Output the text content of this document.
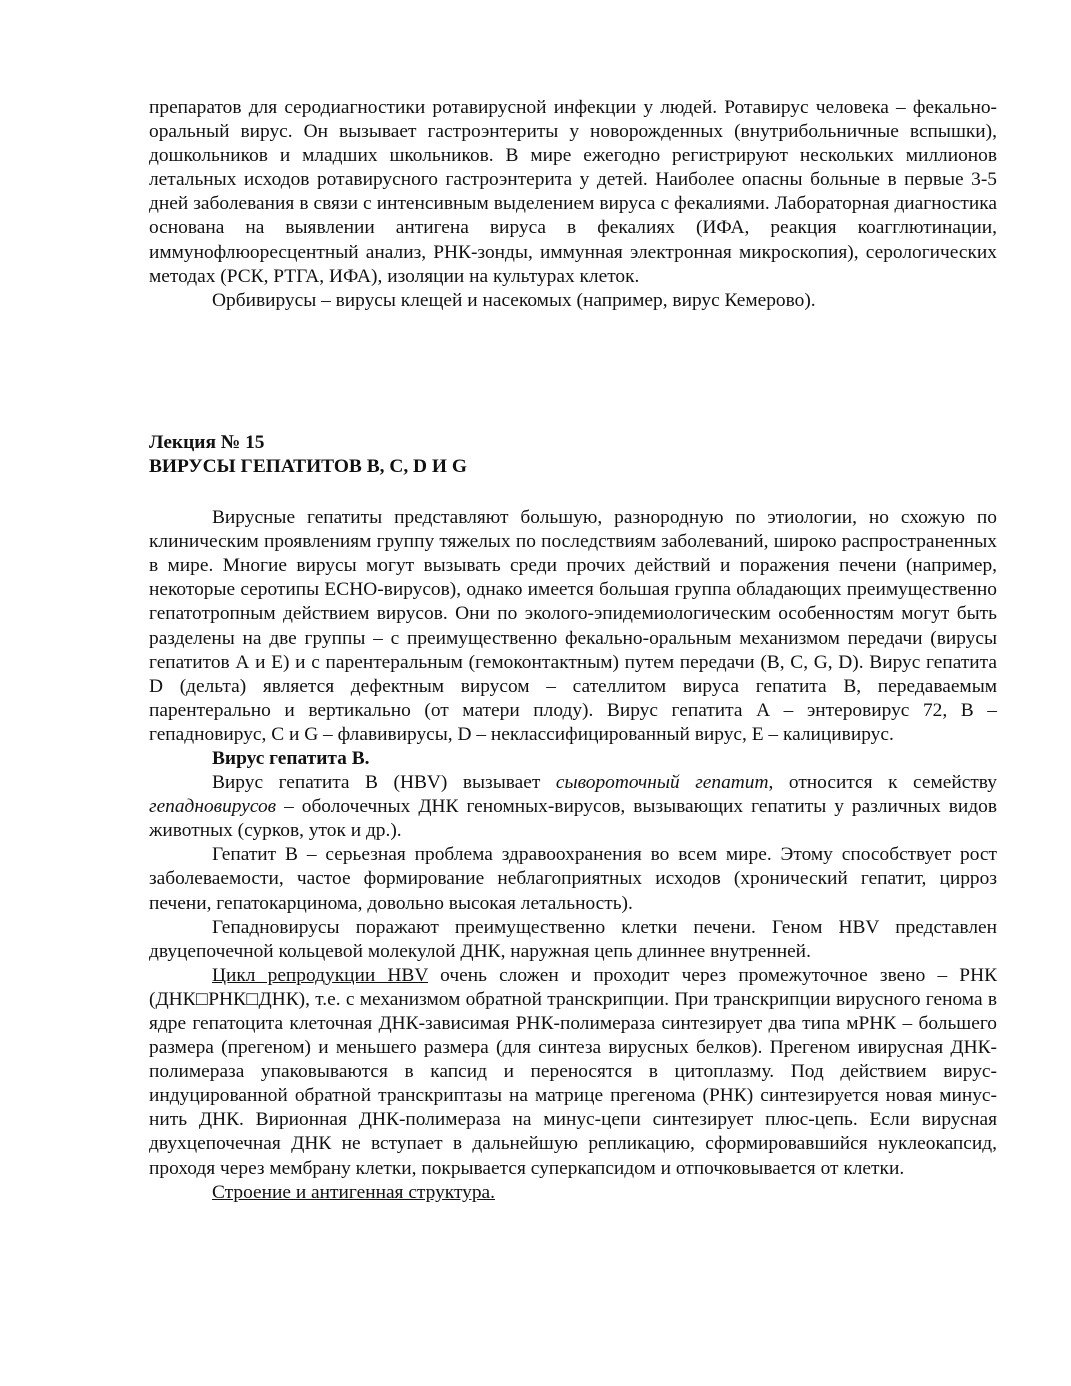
препаратов для серодиагностики ротавирусной инфекции у людей. Ротавирус человека – фекально-оральный вирус. Он вызывает гастроэнтериты у новорожденных (внутрибольничные вспышки), дошкольников и младших школьников. В мире ежегодно регистрируют нескольких миллионов летальных исходов ротавирусного гастроэнтерита у детей. Наиболее опасны больные в первые 3-5 дней заболевания в связи с интенсивным выделением вируса с фекалиями. Лабораторная диагностика основана на выявлении антигена вируса в фекалиях (ИФА, реакция коагглютинации, иммунофлюоресцентный анализ, РНК-зонды, иммунная электронная микроскопия), серологических методах (РСК, РТГА, ИФА), изоляции на культурах клеток.

Орбивирусы – вирусы клещей и насекомых (например, вирус Кемерово).

Лекция № 15

ВИРУСЫ ГЕПАТИТОВ В, С, D И G

Вирусные гепатиты представляют большую, разнородную по этиологии, но схожую по клиническим проявлениям группу тяжелых по последствиям заболеваний, широко распространенных в мире. Многие вирусы могут вызывать среди прочих действий и поражения печени (например, некоторые серотипы ЕСНО-вирусов), однако имеется большая группа обладающих преимущественно гепатотропным действием вирусов. Они по эколого-эпидемиологическим особенностям могут быть разделены на две группы – с преимущественно фекально-оральным механизмом передачи (вирусы гепатитов А и Е) и с парентеральным (гемоконтактным) путем передачи (В, С, G, D). Вирус гепатита D (дельта) является дефектным вирусом – сателлитом вируса гепатита В, передаваемым парентерально и вертикально (от матери плоду). Вирус гепатита А – энтеровирус 72, В – гепадновирус, С и G – флавивирусы, D – неклассифицированный вирус, Е – калицивирус.

Вирус гепатита В.

Вирус гепатита В (HBV) вызывает сывороточный гепатит, относится к семейству гепадновирусов – оболочечных ДНК геномных-вирусов, вызывающих гепатиты у различных видов животных (сурков, уток и др.).

Гепатит В – серьезная проблема здравоохранения во всем мире. Этому способствует рост заболеваемости, частое формирование неблагоприятных исходов (хронический гепатит, цирроз печени, гепатокарцинома, довольно высокая летальность).

Гепадновирусы поражают преимущественно клетки печени. Геном HBV представлен двуцепочечной кольцевой молекулой ДНК, наружная цепь длиннее внутренней.

Цикл репродукции HBV очень сложен и проходит через промежуточное звено – РНК (ДНК□РНК□ДНК), т.е. с механизмом обратной транскрипции. При транскрипции вирусного генома в ядре гепатоцита клеточная ДНК-зависимая РНК-полимераза синтезирует два типа мРНК – большего размера (прегеном) и меньшего размера (для синтеза вирусных белков). Прегеном ивирусная ДНК-полимераза упаковываются в капсид и переносятся в цитоплазму. Под действием вирус-индуцированной обратной транскриптазы на матрице прегенома (РНК) синтезируется новая минус-нить ДНК. Вирионная ДНК-полимераза на минус-цепи синтезирует плюс-цепь. Если вирусная двухцепочечная ДНК не вступает в дальнейшую репликацию, сформировавшийся нуклеокапсид, проходя через мембрану клетки, покрывается суперкапсидом и отпочковывается от клетки.

Строение и антигенная структура.
